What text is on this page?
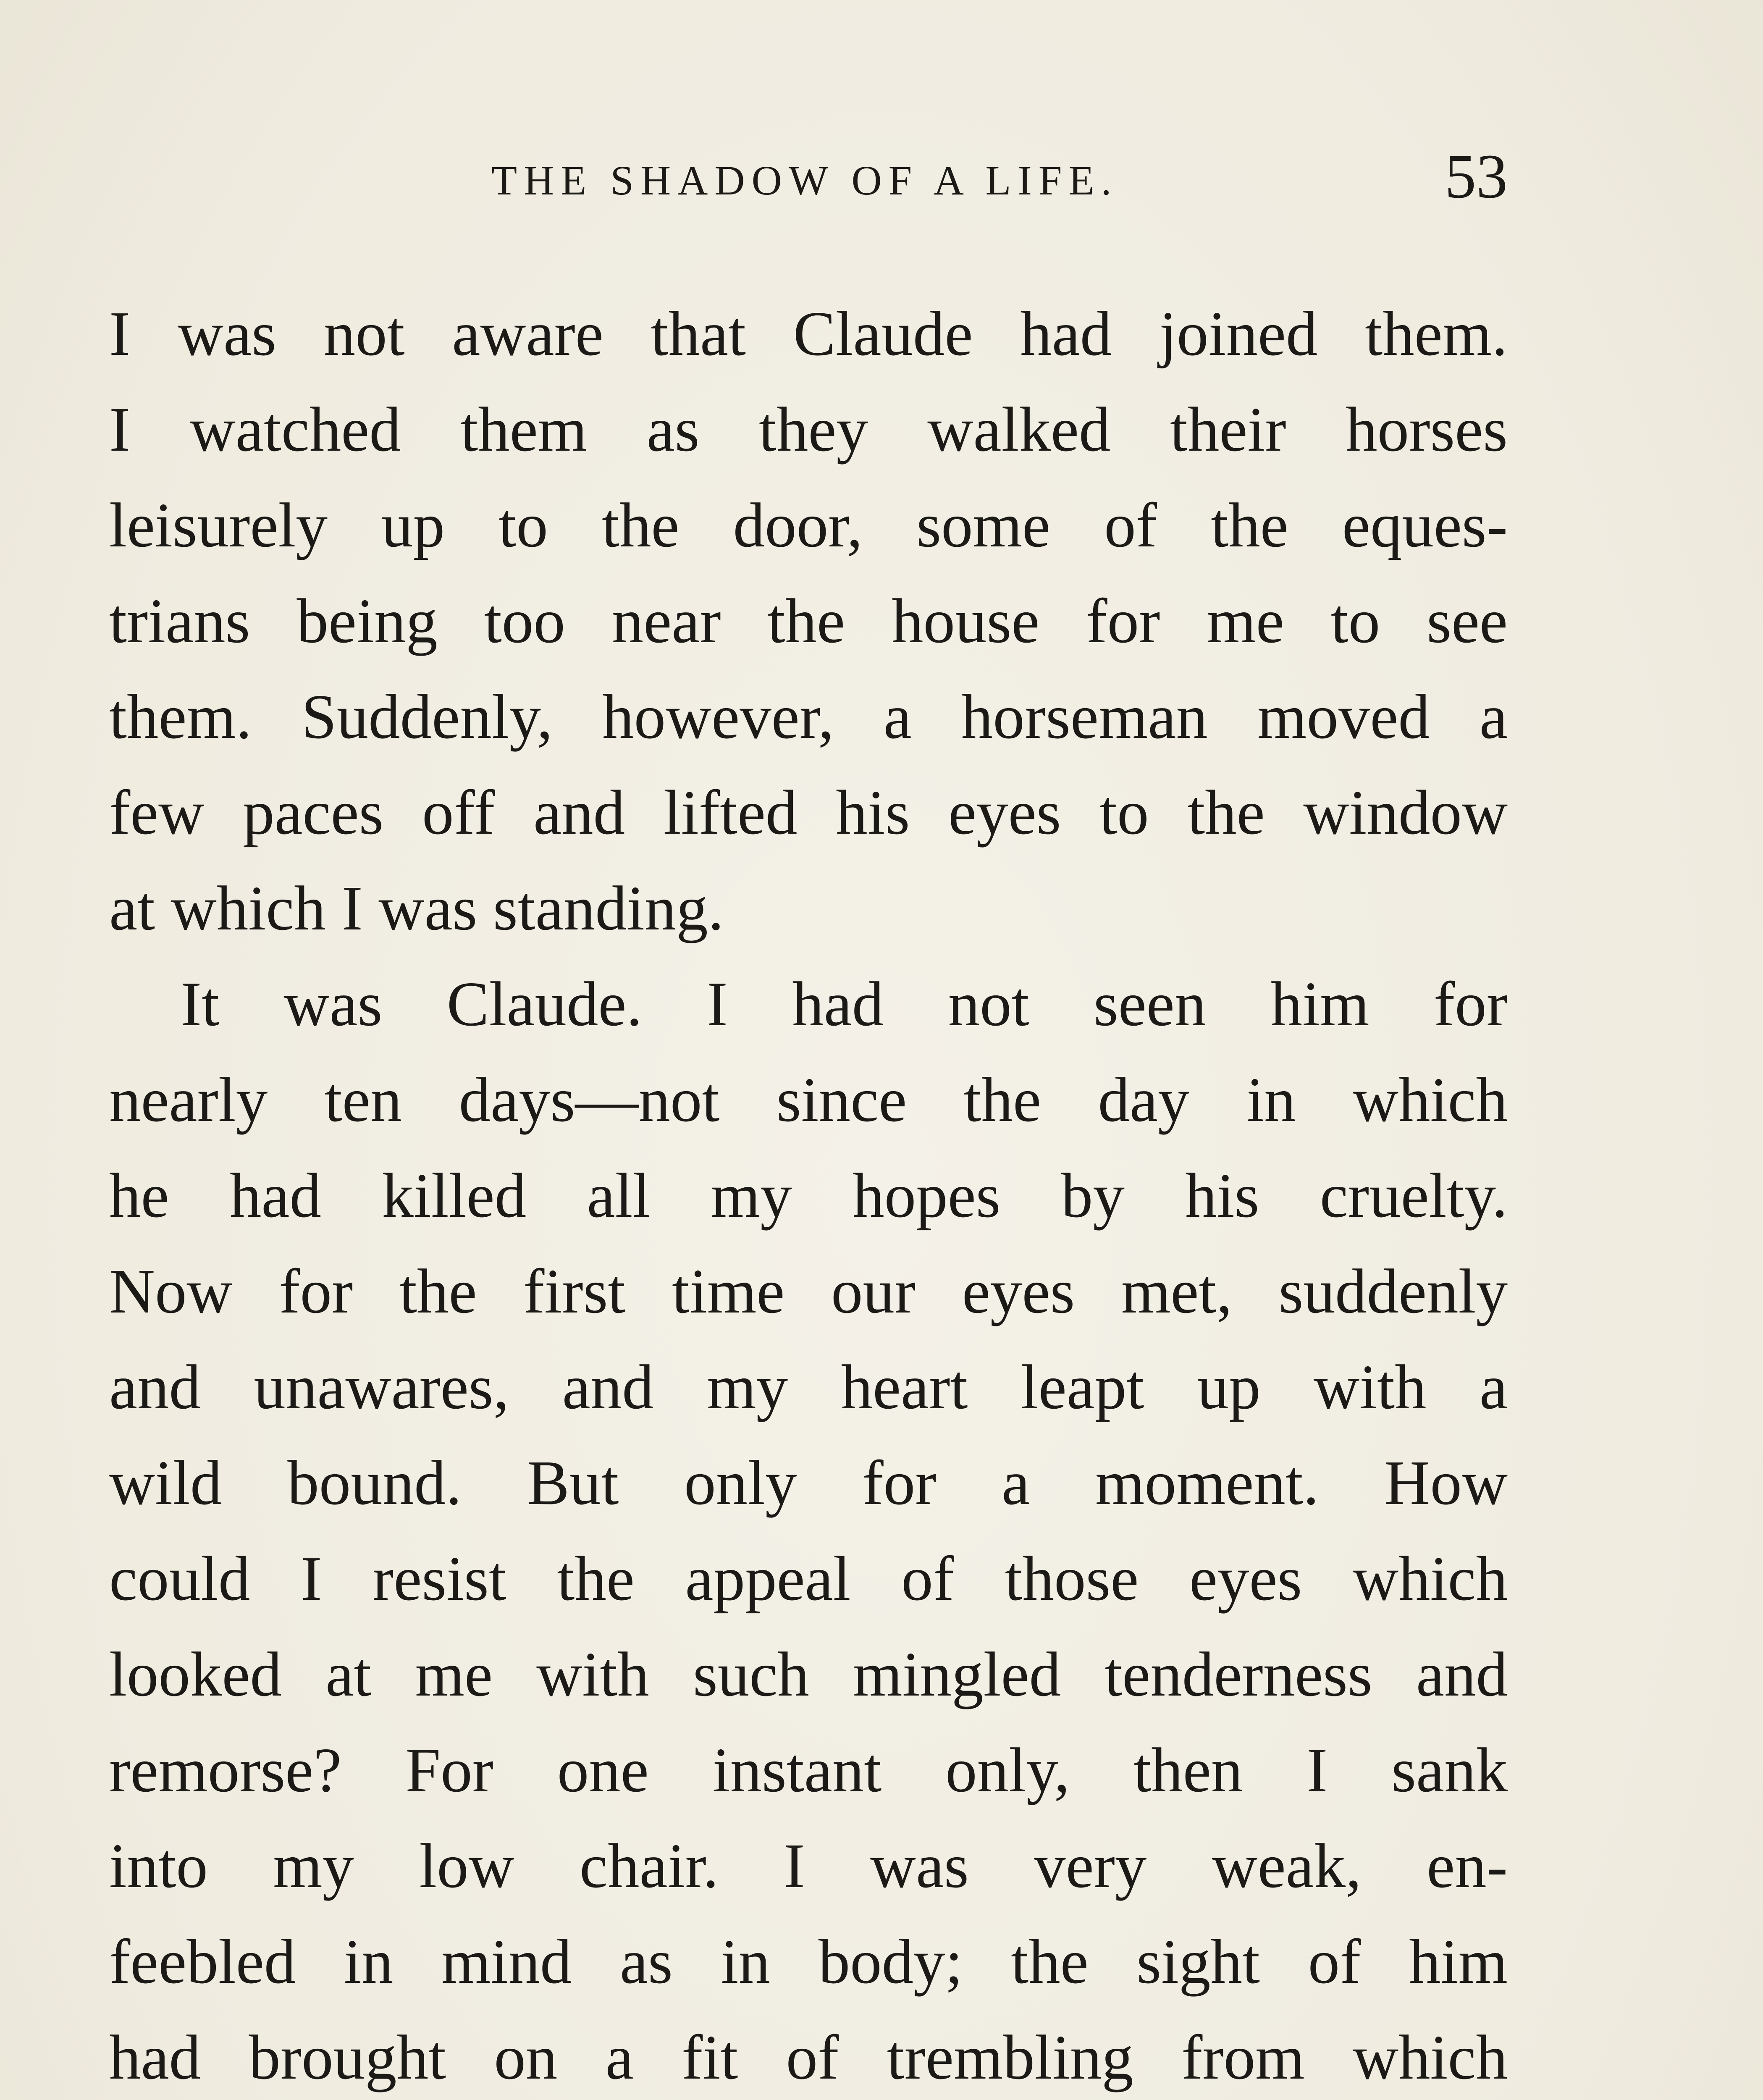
THE SHADOW OF A LIFE.	53
I was not aware that Claude had joined them.
I watched them as they walked their horses
leisurely up to the door, some of the eques-
trians being too near the house for me to see
them. Suddenly, however, a horseman moved a
few paces off and lifted his eyes to the window
at which I was standing.
It was Claude. I had not seen him for
nearly ten days—not since the day in which
he had killed all my hopes by his cruelty.
Now for the first time our eyes met, suddenly
and unawares, and my heart leapt up with a
wild bound. But only for a moment. How
could I resist the appeal of those eyes which
looked at me with such mingled tenderness and
remorse? For one instant only, then I sank
into my low chair. I was very weak, en-
feebled in mind as in body; the sight of him
had brought on a fit of trembling from which
